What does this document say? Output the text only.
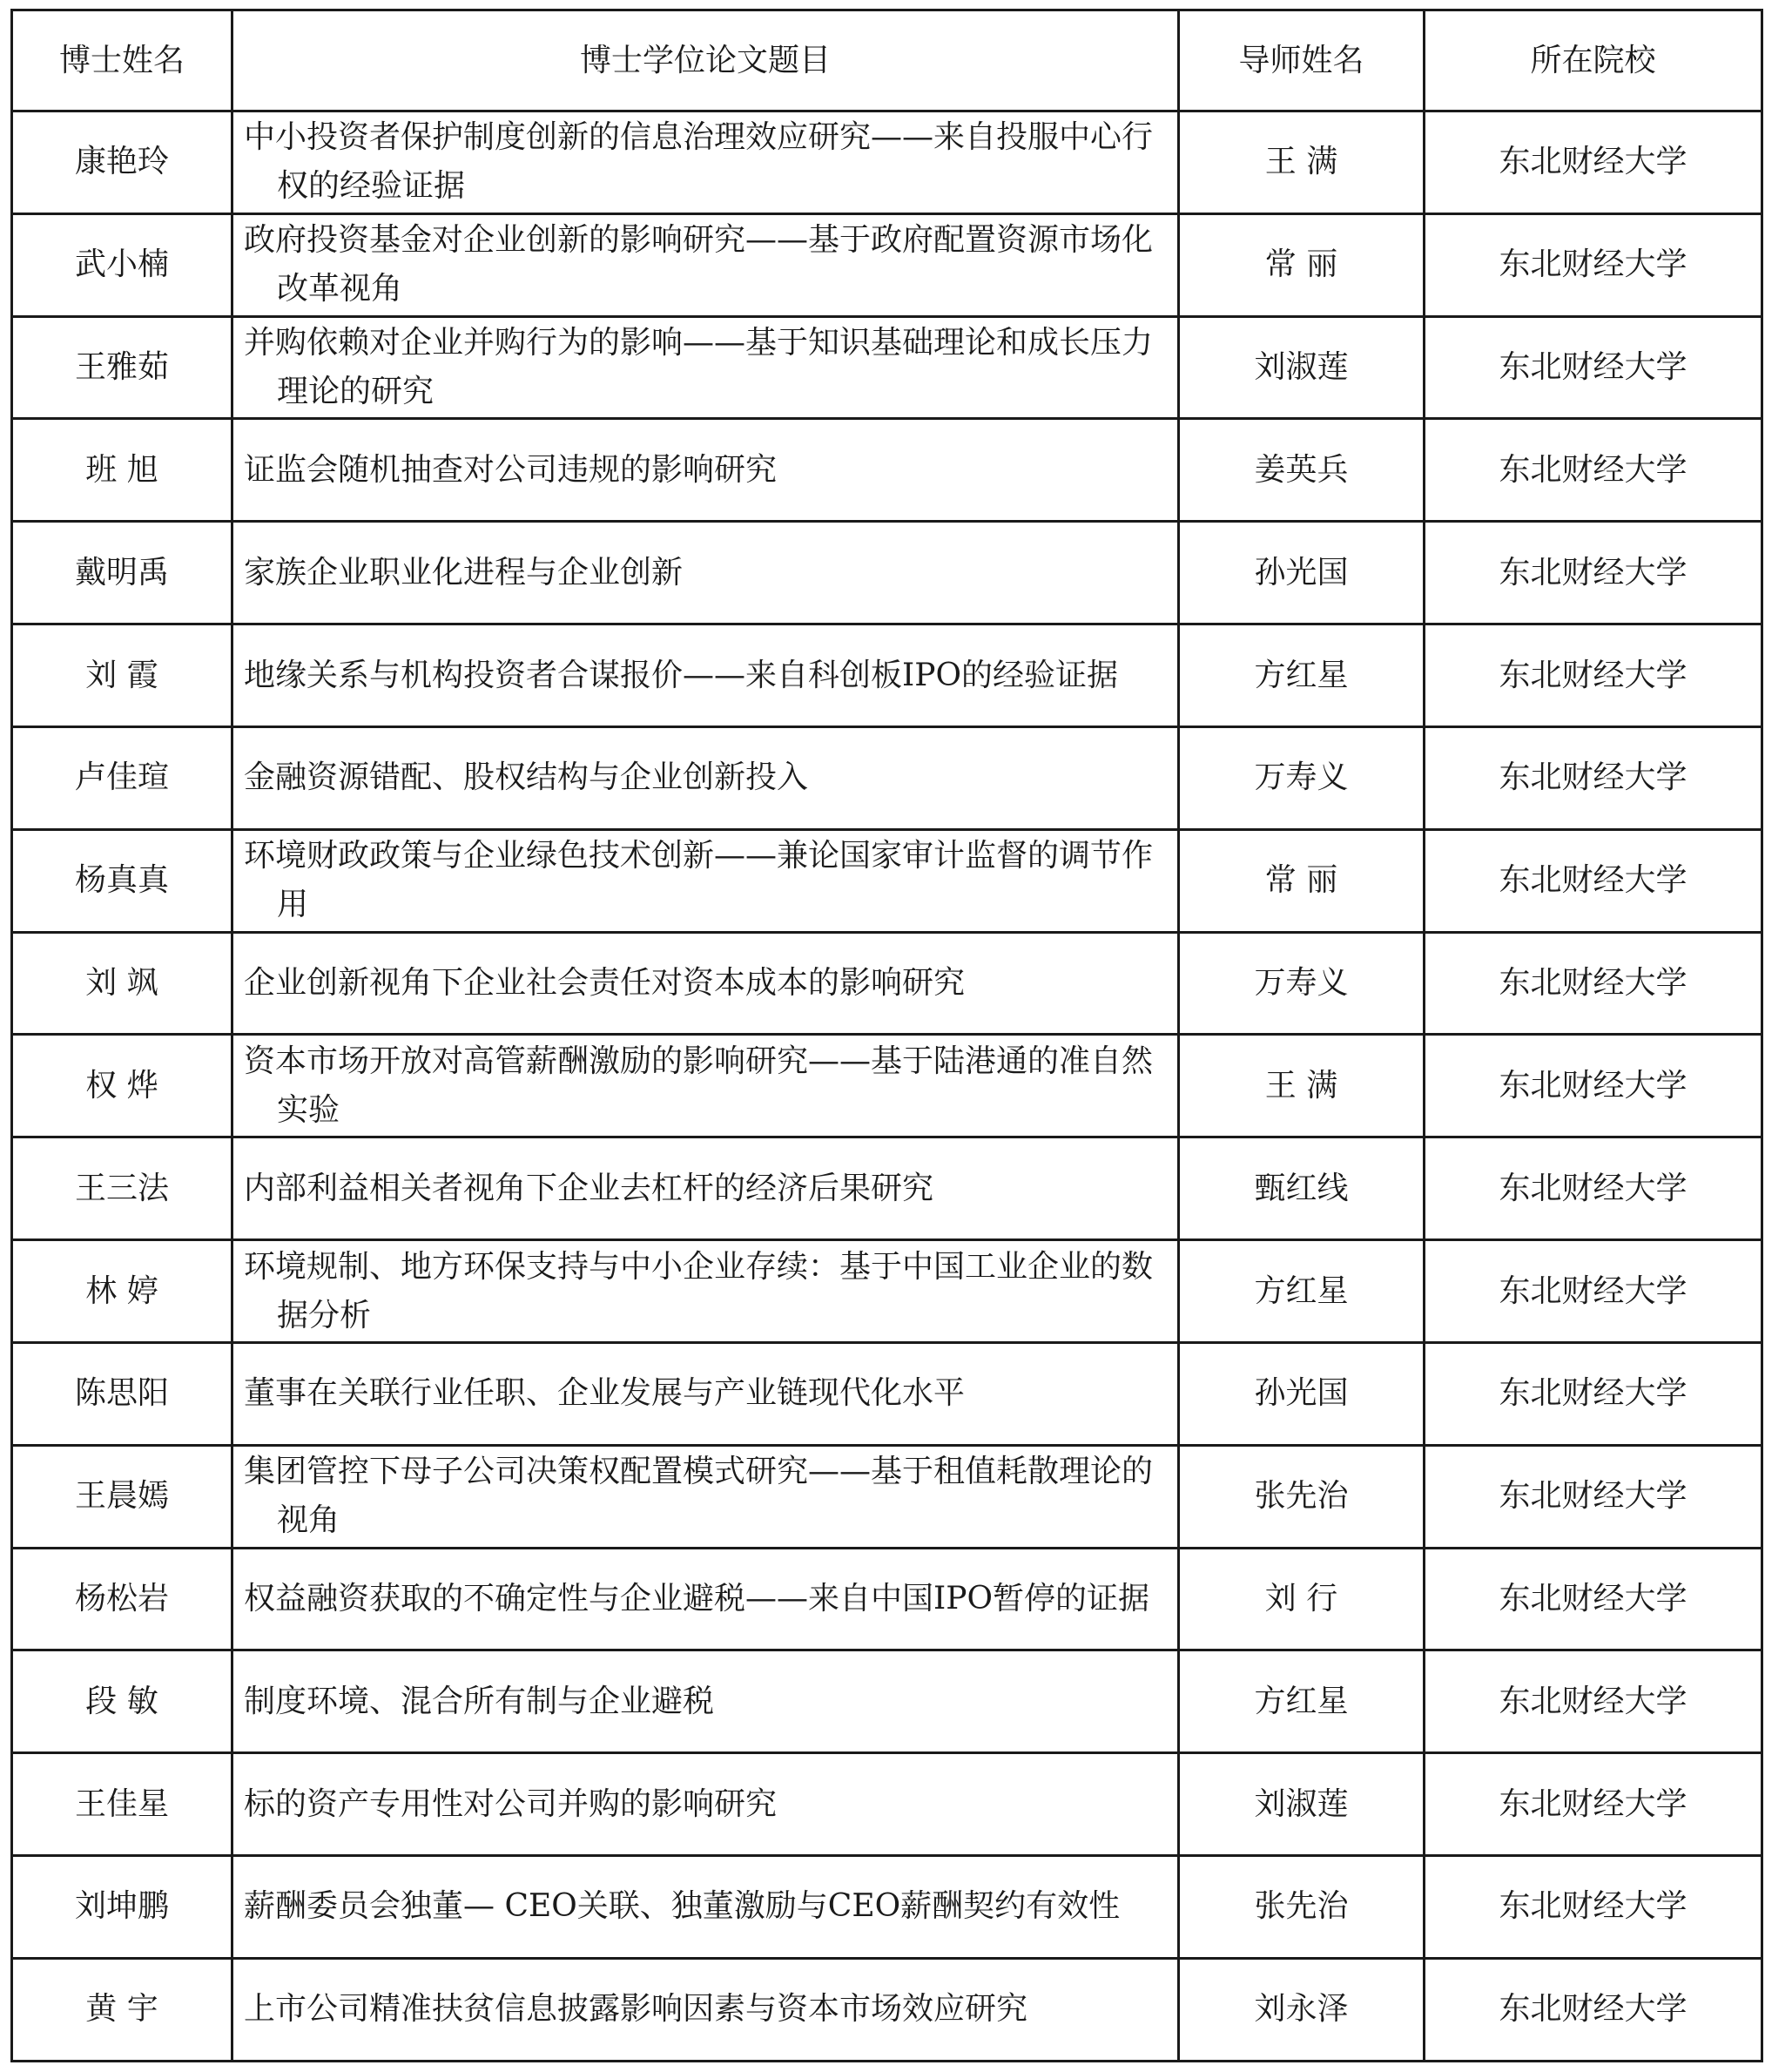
博士姓名	博士学位论文题目	导师姓名	所在院校
康艳玲	中小投资者保护制度创新的信息治理效应研究——来自投服中心行权的经验证据	王 满	东北财经大学
武小楠	政府投资基金对企业创新的影响研究——基于政府配置资源市场化改革视角	常 丽	东北财经大学
王雅茹	并购依赖对企业并购行为的影响——基于知识基础理论和成长压力理论的研究	刘淑莲	东北财经大学
班 旭	证监会随机抽查对公司违规的影响研究	姜英兵	东北财经大学
戴明禹	家族企业职业化进程与企业创新	孙光国	东北财经大学
刘 霞	地缘关系与机构投资者合谋报价——来自科创板IPO的经验证据	方红星	东北财经大学
卢佳瑄	金融资源错配、股权结构与企业创新投入	万寿义	东北财经大学
杨真真	环境财政政策与企业绿色技术创新——兼论国家审计监督的调节作用	常 丽	东北财经大学
刘 飒	企业创新视角下企业社会责任对资本成本的影响研究	万寿义	东北财经大学
权 烨	资本市场开放对高管薪酬激励的影响研究——基于陆港通的准自然实验	王 满	东北财经大学
王三法	内部利益相关者视角下企业去杠杆的经济后果研究	甄红线	东北财经大学
林 婷	环境规制、地方环保支持与中小企业存续：基于中国工业企业的数据分析	方红星	东北财经大学
陈思阳	董事在关联行业任职、企业发展与产业链现代化水平	孙光国	东北财经大学
王晨嫣	集团管控下母子公司决策权配置模式研究——基于租值耗散理论的视角	张先治	东北财经大学
杨松岩	权益融资获取的不确定性与企业避税——来自中国IPO暂停的证据	刘 行	东北财经大学
段 敏	制度环境、混合所有制与企业避税	方红星	东北财经大学
王佳星	标的资产专用性对公司并购的影响研究	刘淑莲	东北财经大学
刘坤鹏	薪酬委员会独董— CEO关联、独董激励与CEO薪酬契约有效性	张先治	东北财经大学
黄 宇	上市公司精准扶贫信息披露影响因素与资本市场效应研究	刘永泽	东北财经大学
